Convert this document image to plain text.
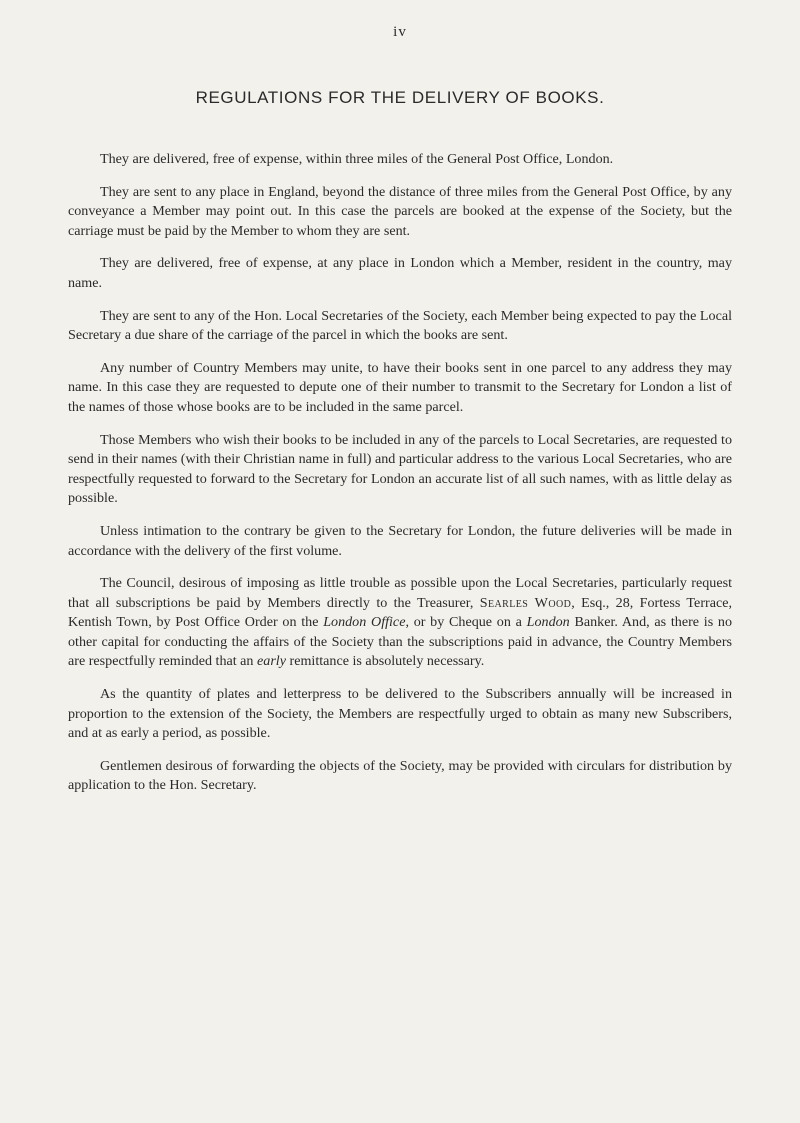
iv
REGULATIONS FOR THE DELIVERY OF BOOKS.

They are delivered, free of expense, within three miles of the General Post Office, London.

They are sent to any place in England, beyond the distance of three miles from the General Post Office, by any conveyance a Member may point out. In this case the parcels are booked at the expense of the Society, but the carriage must be paid by the Member to whom they are sent.

They are delivered, free of expense, at any place in London which a Member, resident in the country, may name.

They are sent to any of the Hon. Local Secretaries of the Society, each Member being expected to pay the Local Secretary a due share of the carriage of the parcel in which the books are sent.

Any number of Country Members may unite, to have their books sent in one parcel to any address they may name. In this case they are requested to depute one of their number to transmit to the Secretary for London a list of the names of those whose books are to be included in the same parcel.

Those Members who wish their books to be included in any of the parcels to Local Secretaries, are requested to send in their names (with their Christian name in full) and particular address to the various Local Secretaries, who are respectfully requested to forward to the Secretary for London an accurate list of all such names, with as little delay as possible.

Unless intimation to the contrary be given to the Secretary for London, the future deliveries will be made in accordance with the delivery of the first volume.

The Council, desirous of imposing as little trouble as possible upon the Local Secretaries, particularly request that all subscriptions be paid by Members directly to the Treasurer, Searles Wood, Esq., 28, Fortess Terrace, Kentish Town, by Post Office Order on the London Office, or by Cheque on a London Banker. And, as there is no other capital for conducting the affairs of the Society than the subscriptions paid in advance, the Country Members are respectfully reminded that an early remittance is absolutely necessary.

As the quantity of plates and letterpress to be delivered to the Subscribers annually will be increased in proportion to the extension of the Society, the Members are respectfully urged to obtain as many new Subscribers, and at as early a period, as possible.

Gentlemen desirous of forwarding the objects of the Society, may be provided with circulars for distribution by application to the Hon. Secretary.
